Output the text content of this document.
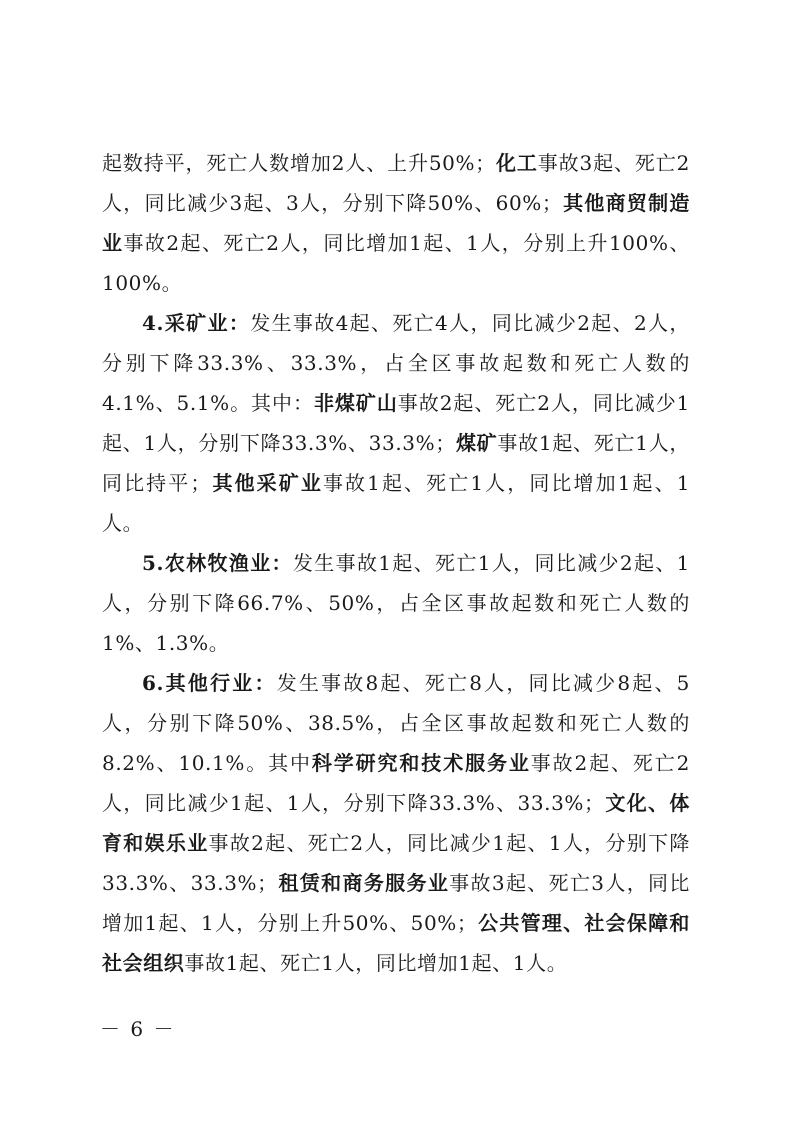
起数持平，死亡人数增加2人、上升50%；化工事故3起、死亡2人，同比减少3起、3人，分别下降50%、60%；其他商贸制造业事故2起、死亡2人，同比增加1起、1人，分别上升100%、100%。

4.采矿业：发生事故4起、死亡4人，同比减少2起、2人，分别下降33.3%、33.3%，占全区事故起数和死亡人数的4.1%、5.1%。其中：非煤矿山事故2起、死亡2人，同比减少1起、1人，分别下降33.3%、33.3%；煤矿事故1起、死亡1人，同比持平；其他采矿业事故1起、死亡1人，同比增加1起、1人。

5.农林牧渔业：发生事故1起、死亡1人，同比减少2起、1人，分别下降66.7%、50%，占全区事故起数和死亡人数的1%、1.3%。

6.其他行业：发生事故8起、死亡8人，同比减少8起、5人，分别下降50%、38.5%，占全区事故起数和死亡人数的8.2%、10.1%。其中科学研究和技术服务业事故2起、死亡2人，同比减少1起、1人，分别下降33.3%、33.3%；文化、体育和娱乐业事故2起、死亡2人，同比减少1起、1人，分别下降33.3%、33.3%；租赁和商务服务业事故3起、死亡3人，同比增加1起、1人，分别上升50%、50%；公共管理、社会保障和社会组织事故1起、死亡1人，同比增加1起、1人。

－ 6 －
